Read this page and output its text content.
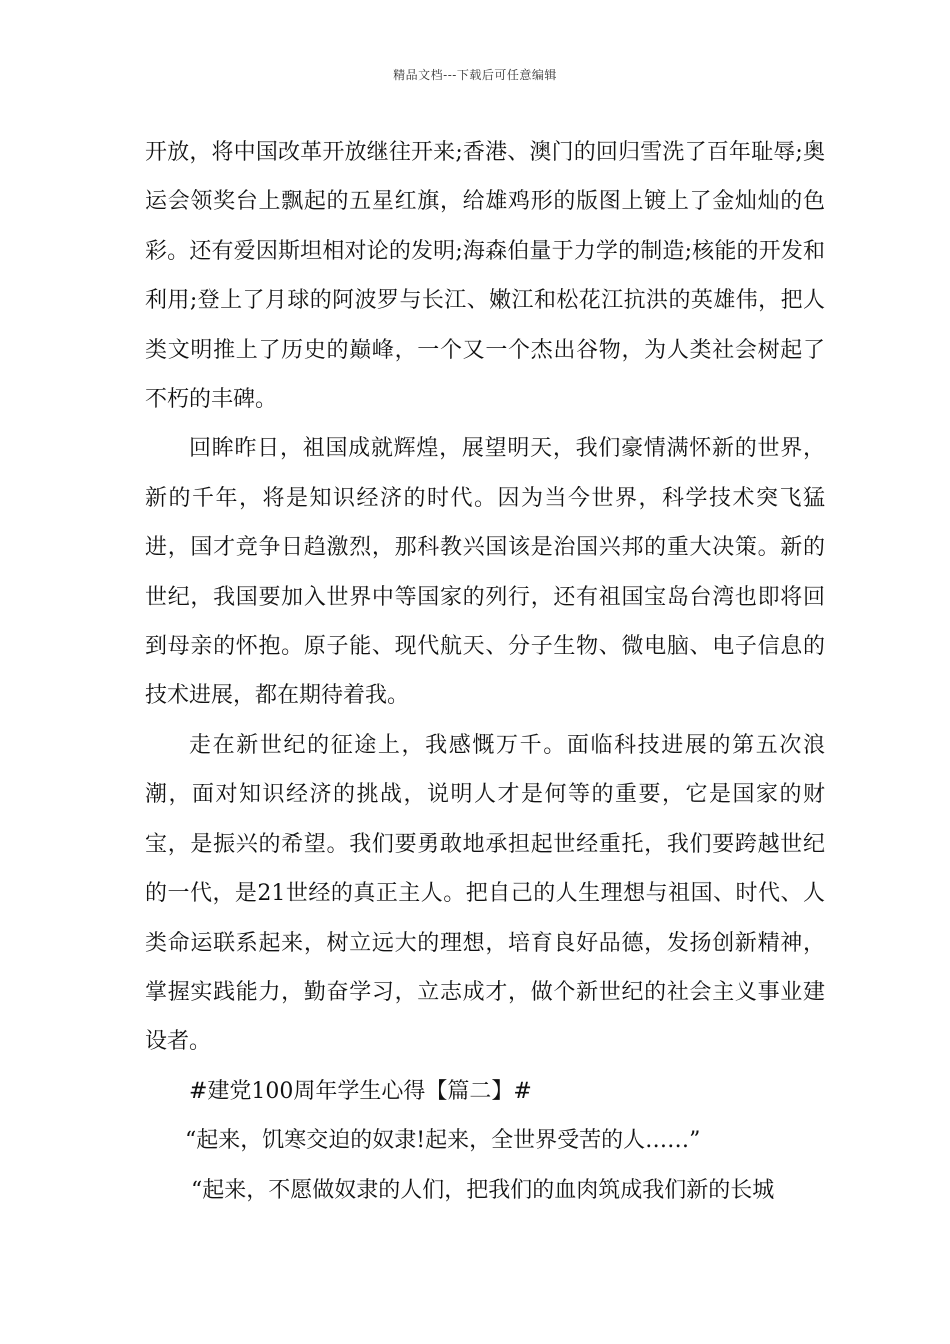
精品文档---下载后可任意编辑

开放，将中国改革开放继往开来;香港、澳门的回归雪洗了百年耻辱;奥运会领奖台上飘起的五星红旗，给雄鸡形的版图上镀上了金灿灿的色彩。还有爱因斯坦相对论的发明;海森伯量于力学的制造;核能的开发和利用;登上了月球的阿波罗与长江、嫩江和松花江抗洪的英雄伟，把人类文明推上了历史的巅峰，一个又一个杰出谷物，为人类社会树起了不朽的丰碑。

回眸昨日，祖国成就辉煌，展望明天，我们豪情满怀新的世界，新的千年，将是知识经济的时代。因为当今世界，科学技术突飞猛进，国才竞争日趋激烈，那科教兴国该是治国兴邦的重大决策。新的世纪，我国要加入世界中等国家的列行，还有祖国宝岛台湾也即将回到母亲的怀抱。原子能、现代航天、分子生物、微电脑、电子信息的技术进展，都在期待着我。

走在新世纪的征途上，我感慨万千。面临科技进展的第五次浪潮，面对知识经济的挑战，说明人才是何等的重要，它是国家的财宝，是振兴的希望。我们要勇敢地承担起世经重托，我们要跨越世纪的一代，是21世经的真正主人。把自己的人生理想与祖国、时代、人类命运联系起来，树立远大的理想，培育良好品德，发扬创新精神，掌握实践能力，勤奋学习，立志成才，做个新世纪的社会主义事业建设者。

#建党100周年学生心得【篇二】#

“起来，饥寒交迫的奴隶!起来，全世界受苦的人……”

“起来，不愿做奴隶的人们，把我们的血肉筑成我们新的长城
